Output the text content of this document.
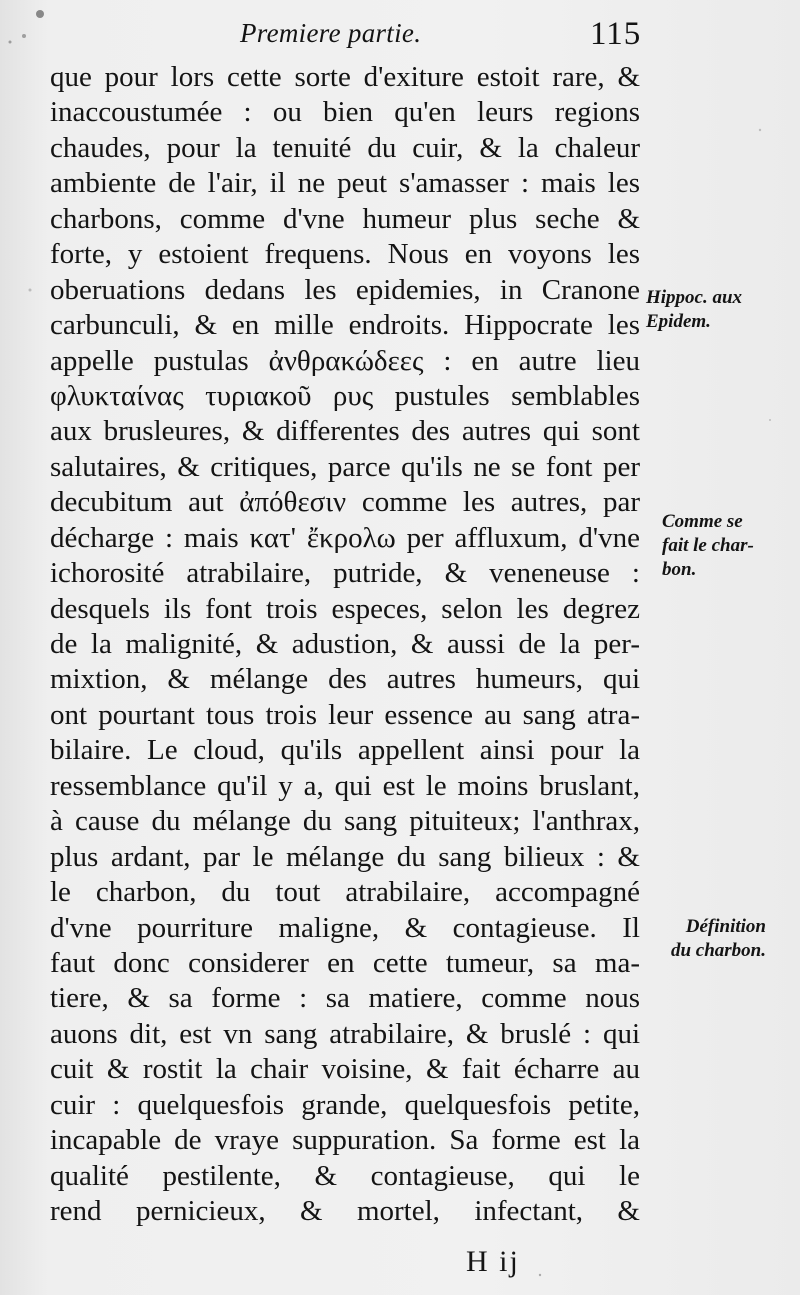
Premiere partie.	115
que pour lors cette sorte d'exiture estoit rare, &
inaccoustumée : ou bien qu'en leurs regions
chaudes, pour la tenuité du cuir, & la chaleur
ambiente de l'air, il ne peut s'amasser : mais les
charbons, comme d'vne humeur plus seche &
forte, y estoient frequens. Nous en voyons les
oberuations dedans les epidemies, in Cranone
carbunculi, & en mille endroits. Hippocrate les
appelle pustulas ἀνθρακώδεες : en autre lieu
φλυκταίνας τυριακοῦ ρυς pustules semblables
aux brusleures, & differentes des autres qui sont
salutaires, & critiques, parce qu'ils ne se font per
decubitum aut ἀπόθεσιν comme les autres, par
décharge : mais κατ' ἔκρολω per affluxum, d'vne
ichorosité atrabilaire, putride, & veneneuse :
desquels ils font trois especes, selon les degrez
de la malignité, & adustion, & aussi de la per-
mixtion, & mélange des autres humeurs, qui
ont pourtant tous trois leur essence au sang atra-
bilaire. Le cloud, qu'ils appellent ainsi pour la
ressemblance qu'il y a, qui est le moins bruslant,
à cause du mélange du sang pituiteux; l'anthrax,
plus ardant, par le mélange du sang bilieux : &
le charbon, du tout atrabilaire, accompagné
d'vne pourriture maligne, & contagieuse. Il
faut donc considerer en cette tumeur, sa ma-
tiere, & sa forme : sa matiere, comme nous
auons dit, est vn sang atrabilaire, & bruslé : qui
cuit & rostit la chair voisine, & fait écharre au
cuir : quelquesfois grande, quelquesfois petite,
incapable de vraye suppuration. Sa forme est la
qualité pestilente, & contagieuse, qui le
rend pernicieux, & mortel, infectant, &
Hippoc. aux
Epidem.
Comme se
fait le char-
bon.
Définition
du charbon.
H ij
